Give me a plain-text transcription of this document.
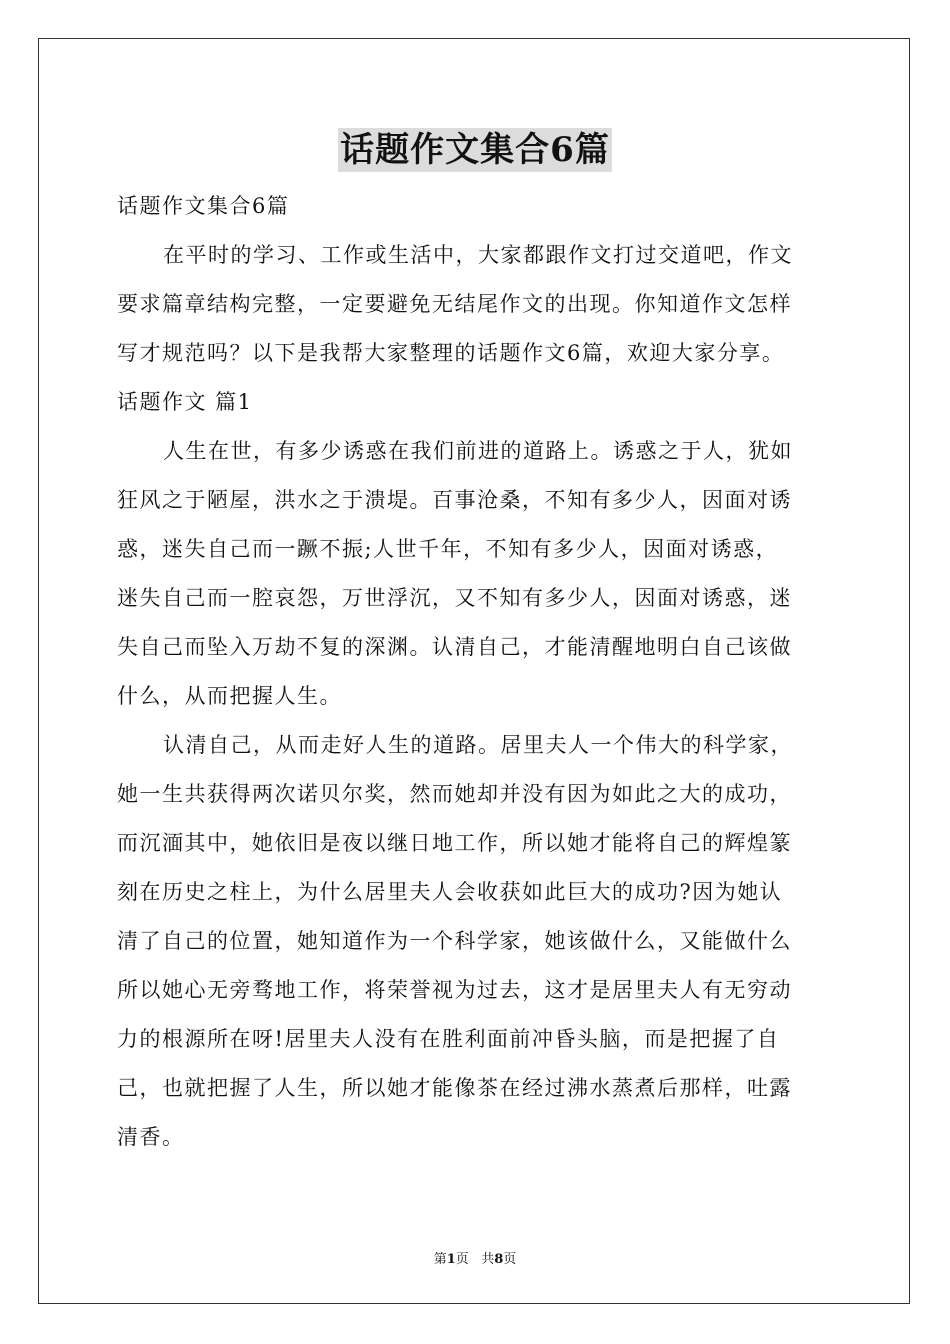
话题作文集合6篇

话题作文集合6篇

在平时的学习、工作或生活中，大家都跟作文打过交道吧，作文

要求篇章结构完整，一定要避免无结尾作文的出现。你知道作文怎样

写才规范吗？以下是我帮大家整理的话题作文6篇，欢迎大家分享。

话题作文 篇1

人生在世，有多少诱惑在我们前进的道路上。诱惑之于人，犹如

狂风之于陋屋，洪水之于溃堤。百事沧桑，不知有多少人，因面对诱

惑，迷失自己而一蹶不振;人世千年，不知有多少人，因面对诱惑，

迷失自己而一腔哀怨，万世浮沉，又不知有多少人，因面对诱惑，迷

失自己而坠入万劫不复的深渊。认清自己，才能清醒地明白自己该做

什么，从而把握人生。

认清自己，从而走好人生的道路。居里夫人一个伟大的科学家，

她一生共获得两次诺贝尔奖，然而她却并没有因为如此之大的成功，

而沉湎其中，她依旧是夜以继日地工作，所以她才能将自己的辉煌篆

刻在历史之柱上，为什么居里夫人会收获如此巨大的成功?因为她认

清了自己的位置，她知道作为一个科学家，她该做什么，又能做什么

所以她心无旁骛地工作，将荣誉视为过去，这才是居里夫人有无穷动

力的根源所在呀!居里夫人没有在胜利面前冲昏头脑，而是把握了自

己，也就把握了人生，所以她才能像茶在经过沸水蒸煮后那样，吐露

清香。

第1页 共8页
